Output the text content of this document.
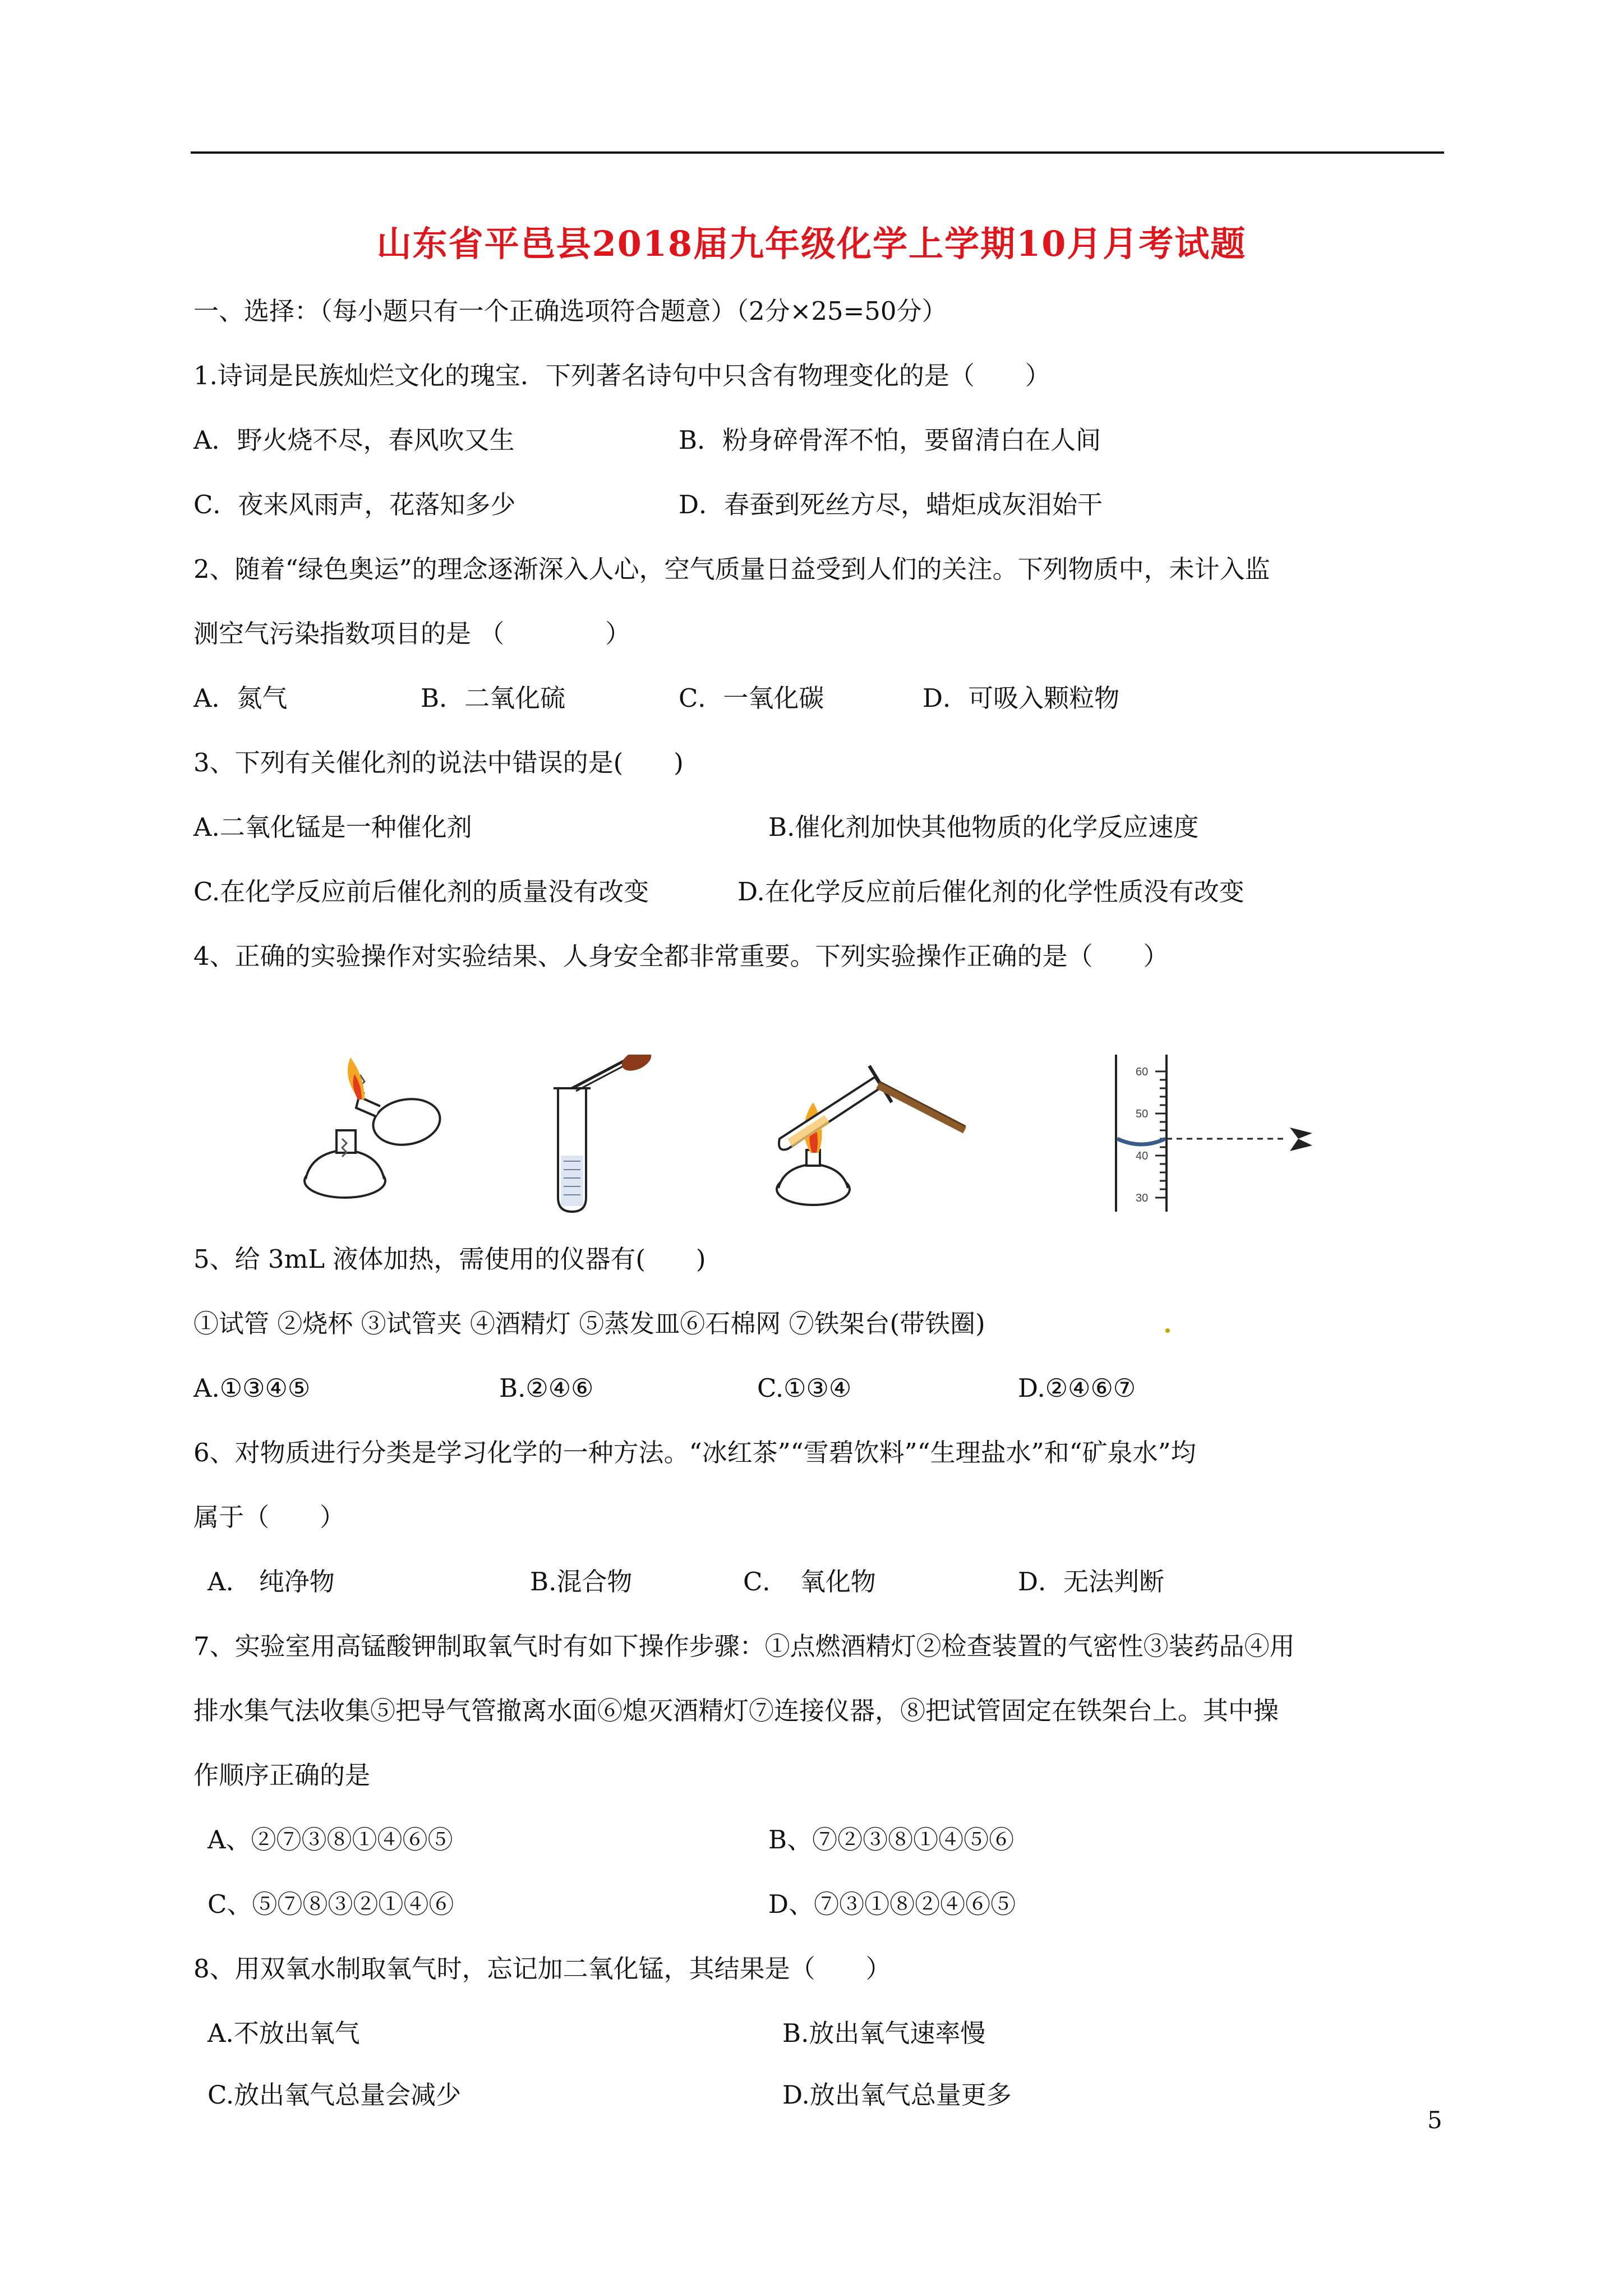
山东省平邑县2018届九年级化学上学期10月月考试题
一、选择：（每小题只有一个正确选项符合题意）（2分×25=50分）
1.诗词是民族灿烂文化的瑰宝．下列著名诗句中只含有物理变化的是（　　）
A．野火烧不尽，春风吹又生	B．粉身碎骨浑不怕，要留清白在人间
C．夜来风雨声，花落知多少	D．春蚕到死丝方尽，蜡炬成灰泪始干
2、随着“绿色奥运”的理念逐渐深入人心，空气质量日益受到人们的关注。下列物质中，未计入监
测空气污染指数项目的是 （　　　　）
A．氮气	B．二氧化硫	C．一氧化碳	D．可吸入颗粒物
3、下列有关催化剂的说法中错误的是(　　)
A.二氧化锰是一种催化剂	B.催化剂加快其他物质的化学反应速度
C.在化学反应前后催化剂的质量没有改变	D.在化学反应前后催化剂的化学性质没有改变
4、正确的实验操作对实验结果、人身安全都非常重要。下列实验操作正确的是（　　）
60
50
40
30
5、给 3mL 液体加热，需使用的仪器有(　　)
①试管 ②烧杯 ③试管夹 ④酒精灯 ⑤蒸发皿⑥石棉网 ⑦铁架台(带铁圈)
A.①③④⑤	B.②④⑥	C.①③④	D.②④⑥⑦
6、对物质进行分类是学习化学的一种方法。“冰红茶”“雪碧饮料”“生理盐水”和“矿泉水”均
属于（　　）
A.　纯净物	B.混合物	C．　氧化物	D．无法判断
7、实验室用高锰酸钾制取氧气时有如下操作步骤：①点燃酒精灯②检查装置的气密性③装药品④用
排水集气法收集⑤把导气管撤离水面⑥熄灭酒精灯⑦连接仪器，⑧把试管固定在铁架台上。其中操
作顺序正确的是
A、②⑦③⑧①④⑥⑤	B、⑦②③⑧①④⑤⑥
C、⑤⑦⑧③②①④⑥	D、⑦③①⑧②④⑥⑤
8、用双氧水制取氧气时，忘记加二氧化锰，其结果是（　　）
A.不放出氧气	B.放出氧气速率慢
C.放出氧气总量会减少	D.放出氧气总量更多
5
